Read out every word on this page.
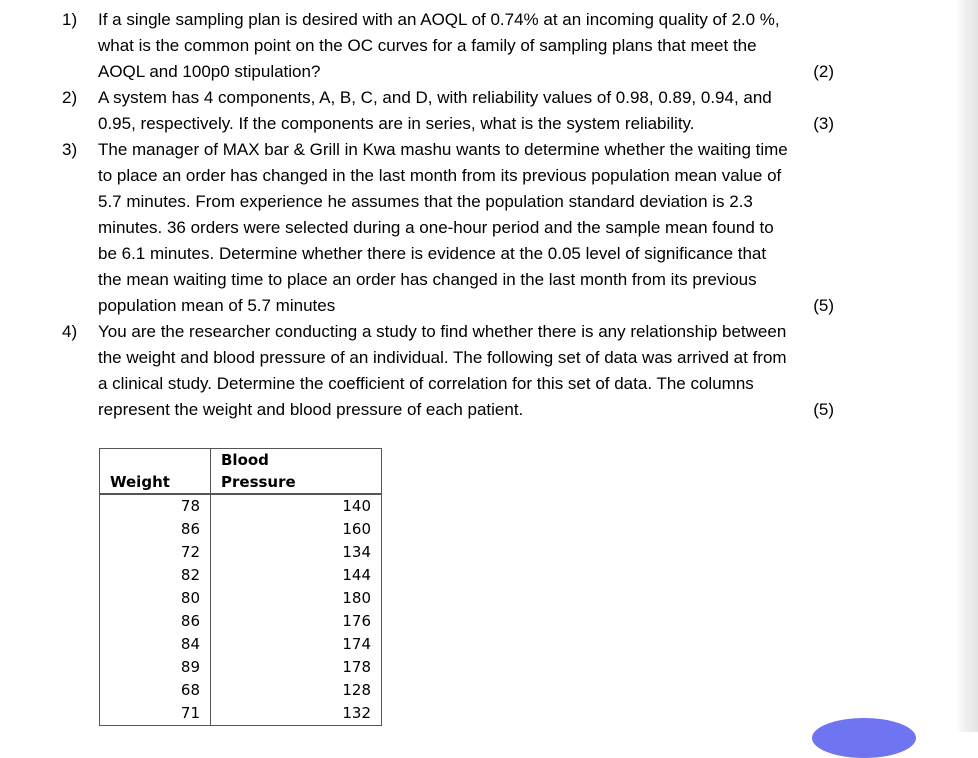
1)	If a single sampling plan is desired with an AOQL of 0.74% at an incoming quality of 2.0 %,
what is the common point on the OC curves for a family of sampling plans that meet the
AOQL and 100p0 stipulation?	(2)
2)	A system has 4 components, A, B, C, and D, with reliability values of 0.98, 0.89, 0.94, and
0.95, respectively. If the components are in series, what is the system reliability.	(3)
3)	The manager of MAX bar & Grill in Kwa mashu wants to determine whether the waiting time
to place an order has changed in the last month from its previous population mean value of
5.7 minutes. From experience he assumes that the population standard deviation is 2.3
minutes. 36 orders were selected during a one-hour period and the sample mean found to
be 6.1 minutes. Determine whether there is evidence at the 0.05 level of significance that
the mean waiting time to place an order has changed in the last month from its previous
population mean of 5.7 minutes	(5)
4)	You are the researcher conducting a study to find whether there is any relationship between
the weight and blood pressure of an individual. The following set of data was arrived at from
a clinical study. Determine the coefficient of correlation for this set of data. The columns
represent the weight and blood pressure of each patient.	(5)
	Blood
Weight	Pressure
78	140
86	160
72	134
82	144
80	180
86	176
84	174
89	178
68	128
71	132
